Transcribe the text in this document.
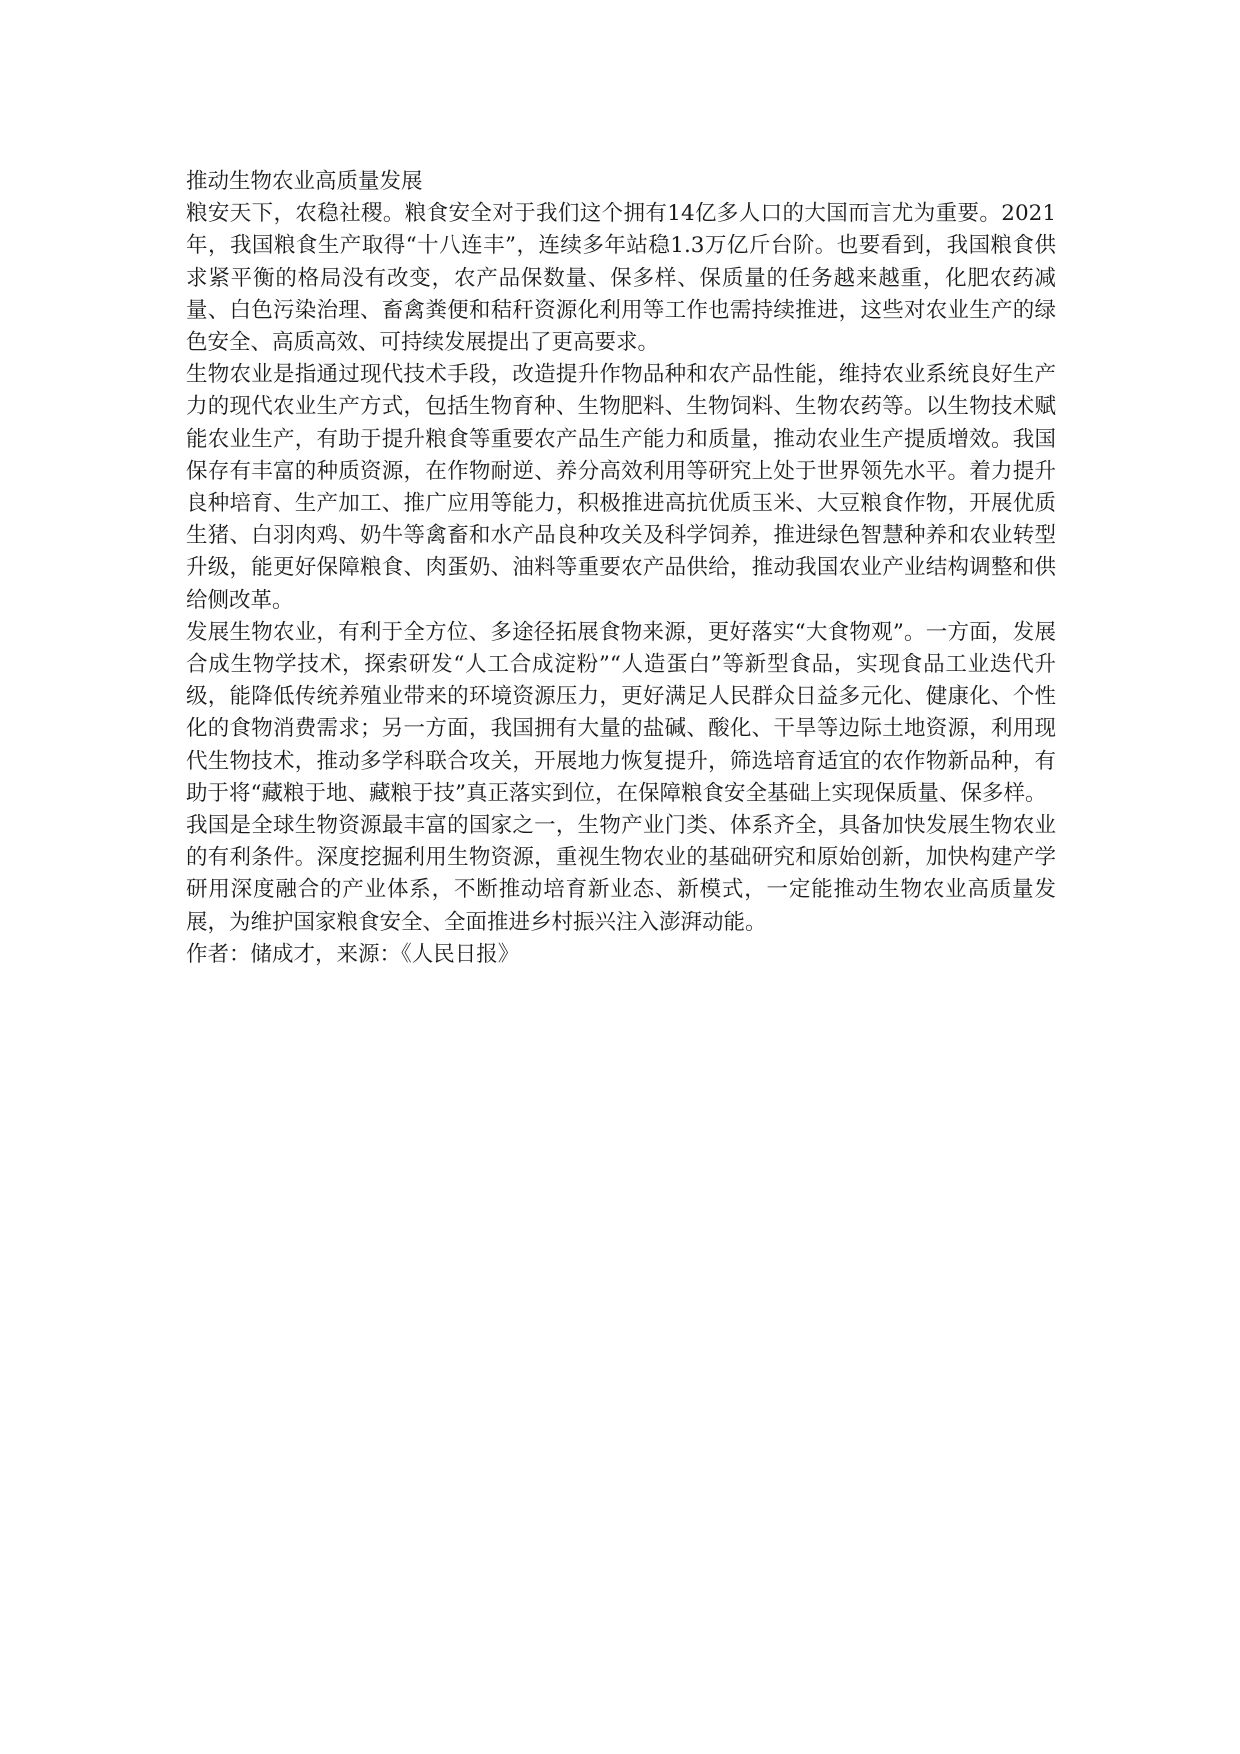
推动生物农业高质量发展

粮安天下，农稳社稷。粮食安全对于我们这个拥有14亿多人口的大国而言尤为重要。2021年，我国粮食生产取得“十八连丰”，连续多年站稳1.3万亿斤台阶。也要看到，我国粮食供求紧平衡的格局没有改变，农产品保数量、保多样、保质量的任务越来越重，化肥农药减量、白色污染治理、畜禽粪便和秸秆资源化利用等工作也需持续推进，这些对农业生产的绿色安全、高质高效、可持续发展提出了更高要求。

生物农业是指通过现代技术手段，改造提升作物品种和农产品性能，维持农业系统良好生产力的现代农业生产方式，包括生物育种、生物肥料、生物饲料、生物农药等。以生物技术赋能农业生产，有助于提升粮食等重要农产品生产能力和质量，推动农业生产提质增效。我国保存有丰富的种质资源，在作物耐逆、养分高效利用等研究上处于世界领先水平。着力提升良种培育、生产加工、推广应用等能力，积极推进高抗优质玉米、大豆粮食作物，开展优质生猪、白羽肉鸡、奶牛等禽畜和水产品良种攻关及科学饲养，推进绿色智慧种养和农业转型升级，能更好保障粮食、肉蛋奶、油料等重要农产品供给，推动我国农业产业结构调整和供给侧改革。

发展生物农业，有利于全方位、多途径拓展食物来源，更好落实“大食物观”。一方面，发展合成生物学技术，探索研发“人工合成淀粉”“人造蛋白”等新型食品，实现食品工业迭代升级，能降低传统养殖业带来的环境资源压力，更好满足人民群众日益多元化、健康化、个性化的食物消费需求；另一方面，我国拥有大量的盐碱、酸化、干旱等边际土地资源，利用现代生物技术，推动多学科联合攻关，开展地力恢复提升，筛选培育适宜的农作物新品种，有助于将“藏粮于地、藏粮于技”真正落实到位，在保障粮食安全基础上实现保质量、保多样。

我国是全球生物资源最丰富的国家之一，生物产业门类、体系齐全，具备加快发展生物农业的有利条件。深度挖掘利用生物资源，重视生物农业的基础研究和原始创新，加快构建产学研用深度融合的产业体系，不断推动培育新业态、新模式，一定能推动生物农业高质量发展，为维护国家粮食安全、全面推进乡村振兴注入澎湃动能。

作者：储成才，来源：《人民日报》
